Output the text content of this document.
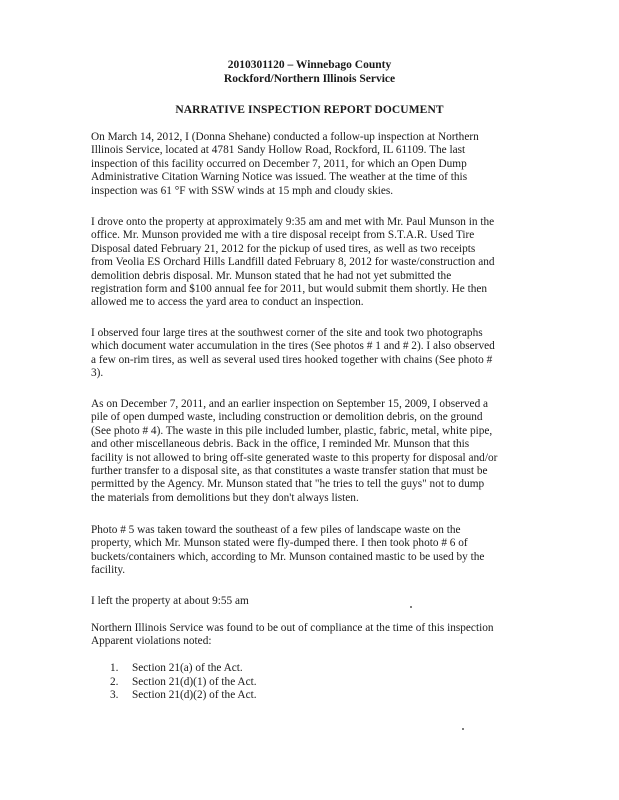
2010301120 – Winnebago County
Rockford/Northern Illinois Service
NARRATIVE INSPECTION REPORT DOCUMENT
On March 14, 2012, I (Donna Shehane) conducted a follow-up inspection at Northern
Illinois Service, located at 4781 Sandy Hollow Road, Rockford, IL 61109. The last
inspection of this facility occurred on December 7, 2011, for which an Open Dump
Administrative Citation Warning Notice was issued. The weather at the time of this
inspection was 61 °F with SSW winds at 15 mph and cloudy skies.
I drove onto the property at approximately 9:35 am and met with Mr. Paul Munson in the
office. Mr. Munson provided me with a tire disposal receipt from S.T.A.R. Used Tire
Disposal dated February 21, 2012 for the pickup of used tires, as well as two receipts
from Veolia ES Orchard Hills Landfill dated February 8, 2012 for waste/construction and
demolition debris disposal. Mr. Munson stated that he had not yet submitted the
registration form and $100 annual fee for 2011, but would submit them shortly. He then
allowed me to access the yard area to conduct an inspection.
I observed four large tires at the southwest corner of the site and took two photographs
which document water accumulation in the tires (See photos # 1 and # 2). I also observed
a few on-rim tires, as well as several used tires hooked together with chains (See photo #
3).
As on December 7, 2011, and an earlier inspection on September 15, 2009, I observed a
pile of open dumped waste, including construction or demolition debris, on the ground
(See photo # 4). The waste in this pile included lumber, plastic, fabric, metal, white pipe,
and other miscellaneous debris. Back in the office, I reminded Mr. Munson that this
facility is not allowed to bring off-site generated waste to this property for disposal and/or
further transfer to a disposal site, as that constitutes a waste transfer station that must be
permitted by the Agency. Mr. Munson stated that "he tries to tell the guys" not to dump
the materials from demolitions but they don't always listen.
Photo # 5 was taken toward the southeast of a few piles of landscape waste on the
property, which Mr. Munson stated were fly-dumped there. I then took photo # 6 of
buckets/containers which, according to Mr. Munson contained mastic to be used by the
facility.
I left the property at about 9:55 am
Northern Illinois Service was found to be out of compliance at the time of this inspection
Apparent violations noted:
1.	Section 21(a) of the Act.
2.	Section 21(d)(1) of the Act.
3.	Section 21(d)(2) of the Act.
